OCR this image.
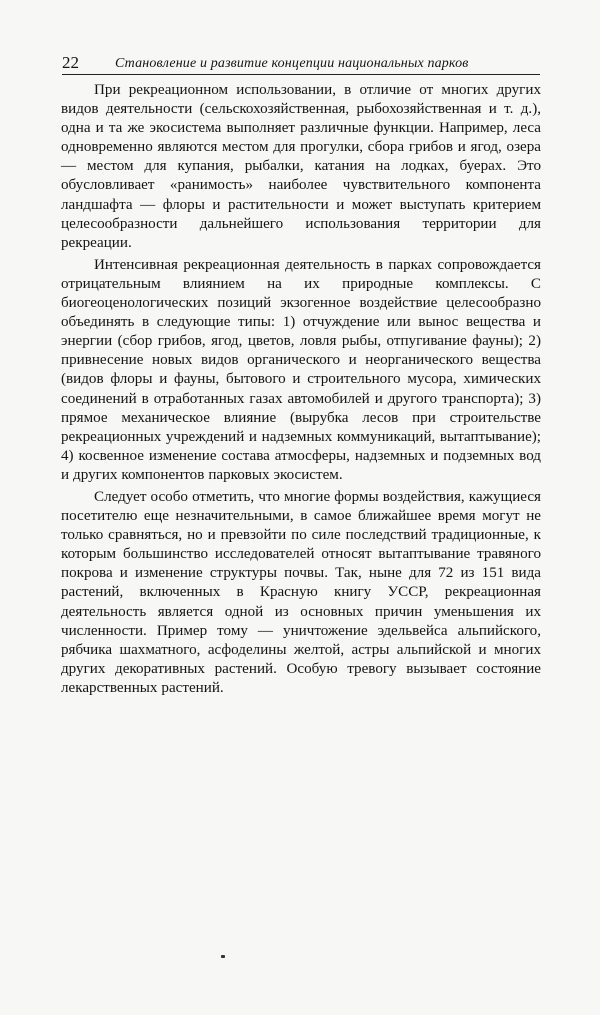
22	Становление и развитие концепции национальных парков

При рекреационном использовании, в отличие от многих других видов деятельности (сельскохозяйственная, рыбохозяйственная и т. д.), одна и та же экосистема выполняет различные функции. Например, леса одновременно являются местом для прогулки, сбора грибов и ягод, озера — местом для купания, рыбалки, катания на лодках, буерах. Это обусловливает «ранимость» наиболее чувствительного компонента ландшафта — флоры и растительности и может выступать критерием целесообразности дальнейшего использования территории для рекреации.

Интенсивная рекреационная деятельность в парках сопровождается отрицательным влиянием на их природные комплексы. С биогеоценологических позиций экзогенное воздействие целесообразно объединять в следующие типы: 1) отчуждение или вынос вещества и энергии (сбор грибов, ягод, цветов, ловля рыбы, отпугивание фауны); 2) привнесение новых видов органического и неорганического вещества (видов флоры и фауны, бытового и строительного мусора, химических соединений в отработанных газах автомобилей и другого транспорта); 3) прямое механическое влияние (вырубка лесов при строительстве рекреационных учреждений и надземных коммуникаций, вытаптывание); 4) косвенное изменение состава атмосферы, надземных и подземных вод и других компонентов парковых экосистем.

Следует особо отметить, что многие формы воздействия, кажущиеся посетителю еще незначительными, в самое ближайшее время могут не только сравняться, но и превзойти по силе последствий традиционные, к которым большинство исследователей относят вытаптывание травяного покрова и изменение структуры почвы. Так, ныне для 72 из 151 вида растений, включенных в Красную книгу УССР, рекреационная деятельность является одной из основных причин уменьшения их численности. Пример тому — уничтожение эдельвейса альпийского, рябчика шахматного, асфоделины желтой, астры альпийской и многих других декоративных растений. Особую тревогу вызывает состояние лекарственных растений.
